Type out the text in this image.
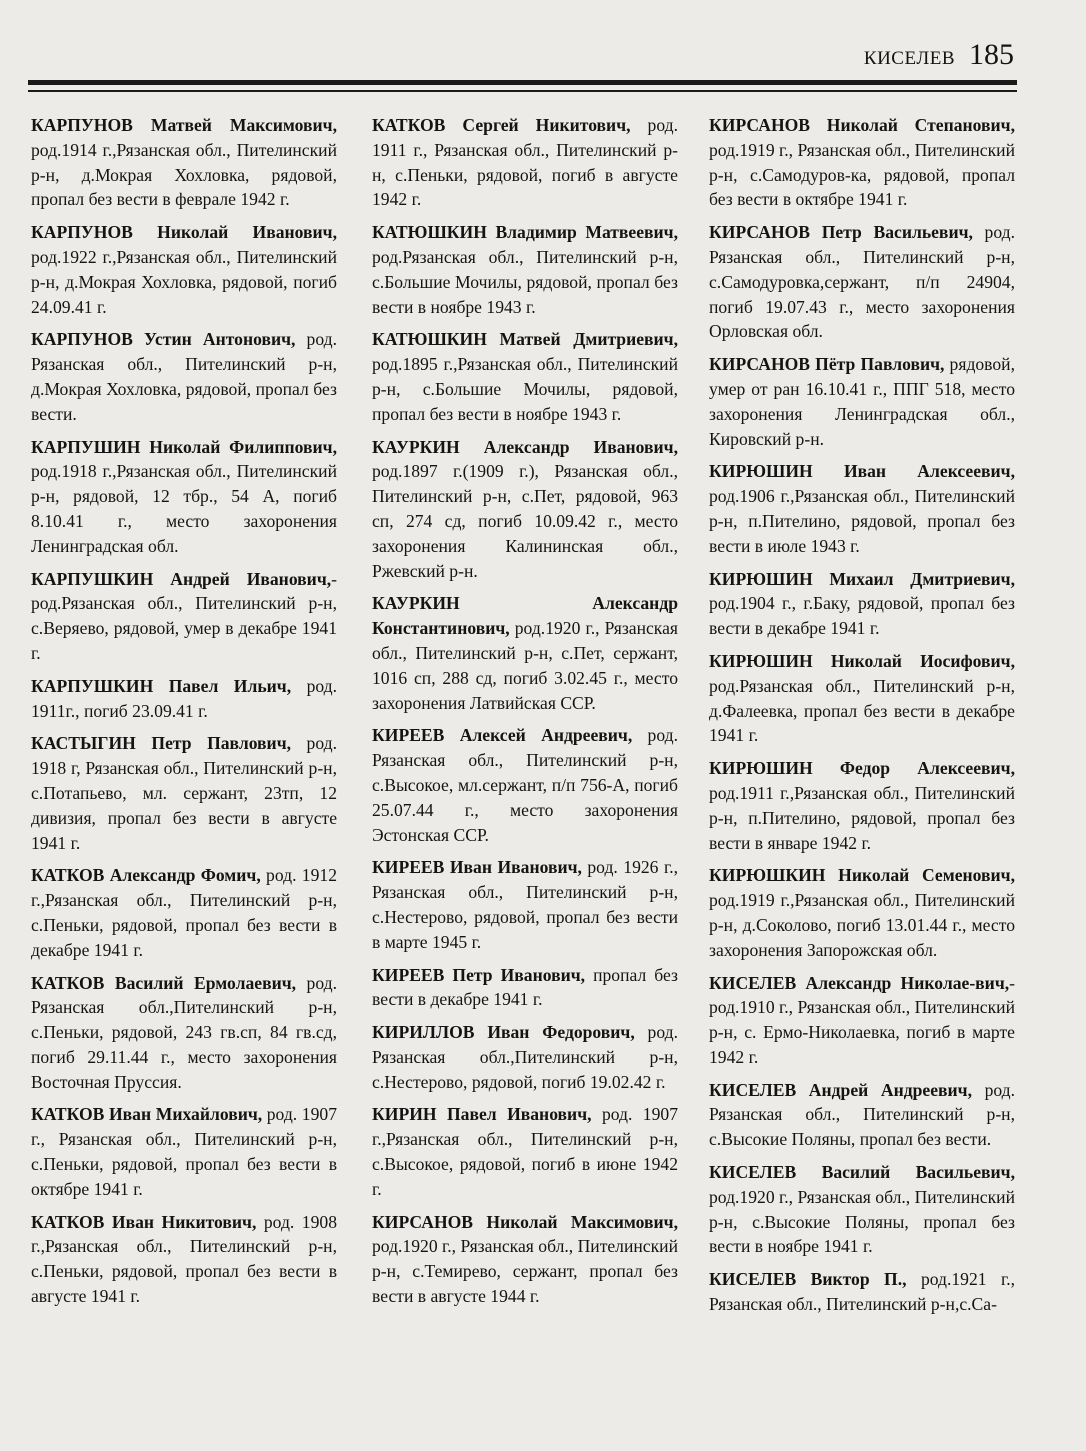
КИСЕЛЕВ 185

КАРПУНОВ Матвей Максимович, род.1914 г.,Рязанская обл., Пителинский р-н, д.Мокрая Хохловка, рядовой, пропал без вести в феврале 1942 г.

КАРПУНОВ Николай Иванович, род.1922 г.,Рязанская обл., Пителинский р-н, д.Мокрая Хохловка, рядовой, погиб 24.09.41 г.

КАРПУНОВ Устин Антонович, род. Рязанская обл., Пителинский р-н, д.Мокрая Хохловка, рядовой, пропал без вести.

КАРПУШИН Николай Филиппович, род.1918 г.,Рязанская обл., Пителинский р-н, рядовой, 12 тбр., 54 А, погиб 8.10.41 г., место захоронения Ленинградская обл.

КАРПУШКИН Андрей Иванович,-род.Рязанская обл., Пителинский р-н, с.Веряево, рядовой, умер в декабре 1941 г.

КАРПУШКИН Павел Ильич, род. 1911г., погиб 23.09.41 г.

КАСТЫГИН Петр Павлович, род. 1918 г, Рязанская обл., Пителинский р-н, с.Потапьево, мл. сержант, 23тп, 12 дивизия, пропал без вести в августе 1941 г.

КАТКОВ Александр Фомич, род. 1912 г.,Рязанская обл., Пителинский р-н, с.Пеньки, рядовой, пропал без вести в декабре 1941 г.

КАТКОВ Василий Ермолаевич, род. Рязанская обл.,Пителинский р-н, с.Пеньки, рядовой, 243 гв.сп, 84 гв.сд, погиб 29.11.44 г., место захоронения Восточная Пруссия.

КАТКОВ Иван Михайлович, род. 1907 г., Рязанская обл., Пителинский р-н, с.Пеньки, рядовой, пропал без вести в октябре 1941 г.

КАТКОВ Иван Никитович, род. 1908 г.,Рязанская обл., Пителинский р-н, с.Пеньки, рядовой, пропал без вести в августе 1941 г.

КАТКОВ Сергей Никитович, род. 1911 г., Рязанская обл., Пителинский р-н, с.Пеньки, рядовой, погиб в августе 1942 г.

КАТЮШКИН Владимир Матвеевич, род.Рязанская обл., Пителинский р-н, с.Большие Мочилы, рядовой, пропал без вести в ноябре 1943 г.

КАТЮШКИН Матвей Дмитриевич, род.1895 г.,Рязанская обл., Пителинский р-н, с.Большие Мочилы, рядовой, пропал без вести в ноябре 1943 г.

КАУРКИН Александр Иванович, род.1897 г.(1909 г.), Рязанская обл., Пителинский р-н, с.Пет, рядовой, 963 сп, 274 сд, погиб 10.09.42 г., место захоронения Калининская обл., Ржевский р-н.

КАУРКИН Александр Константинович, род.1920 г., Рязанская обл., Пителинский р-н, с.Пет, сержант, 1016 сп, 288 сд, погиб 3.02.45 г., место захоронения Латвийская ССР.

КИРЕЕВ Алексей Андреевич, род. Рязанская обл., Пителинский р-н, с.Высокое, мл.сержант, п/п 756-А, погиб 25.07.44 г., место захоронения Эстонская ССР.

КИРЕЕВ Иван Иванович, род. 1926 г., Рязанская обл., Пителинский р-н, с.Нестерово, рядовой, пропал без вести в марте 1945 г.

КИРЕЕВ Петр Иванович, пропал без вести в декабре 1941 г.

КИРИЛЛОВ Иван Федорович, род. Рязанская обл.,Пителинский р-н, с.Нестерово, рядовой, погиб 19.02.42 г.

КИРИН Павел Иванович, род. 1907 г.,Рязанская обл., Пителинский р-н, с.Высокое, рядовой, погиб в июне 1942 г.

КИРСАНОВ Николай Максимович, род.1920 г., Рязанская обл., Пителинский р-н, с.Темирево, сержант, пропал без вести в августе 1944 г.

КИРСАНОВ Николай Степанович, род.1919 г., Рязанская обл., Пителинский р-н, с.Самодуров-ка, рядовой, пропал без вести в октябре 1941 г.

КИРСАНОВ Петр Васильевич, род. Рязанская обл., Пителинский р-н, с.Самодуровка,сержант, п/п 24904, погиб 19.07.43 г., место захоронения Орловская обл.

КИРСАНОВ Пётр Павлович, рядовой, умер от ран 16.10.41 г., ППГ 518, место захоронения Ленинградская обл., Кировский р-н.

КИРЮШИН Иван Алексеевич, род.1906 г.,Рязанская обл., Пителинский р-н, п.Пителино, рядовой, пропал без вести в июле 1943 г.

КИРЮШИН Михаил Дмитриевич, род.1904 г., г.Баку, рядовой, пропал без вести в декабре 1941 г.

КИРЮШИН Николай Иосифович, род.Рязанская обл., Пителинский р-н, д.Фалеевка, пропал без вести в декабре 1941 г.

КИРЮШИН Федор Алексеевич, род.1911 г.,Рязанская обл., Пителинский р-н, п.Пителино, рядовой, пропал без вести в январе 1942 г.

КИРЮШКИН Николай Семенович, род.1919 г.,Рязанская обл., Пителинский р-н, д.Соколово, погиб 13.01.44 г., место захоронения Запорожская обл.

КИСЕЛЕВ Александр Николае-вич,-род.1910 г., Рязанская обл., Пителинский р-н, с. Ермо-Николаевка, погиб в марте 1942 г.

КИСЕЛЕВ Андрей Андреевич, род. Рязанская обл., Пителинский р-н, с.Высокие Поляны, пропал без вести.

КИСЕЛЕВ Василий Васильевич, род.1920 г., Рязанская обл., Пителинский р-н, с.Высокие Поляны, пропал без вести в ноябре 1941 г.

КИСЕЛЕВ Виктор П., род.1921 г., Рязанская обл., Пителинский р-н,с.Са-
